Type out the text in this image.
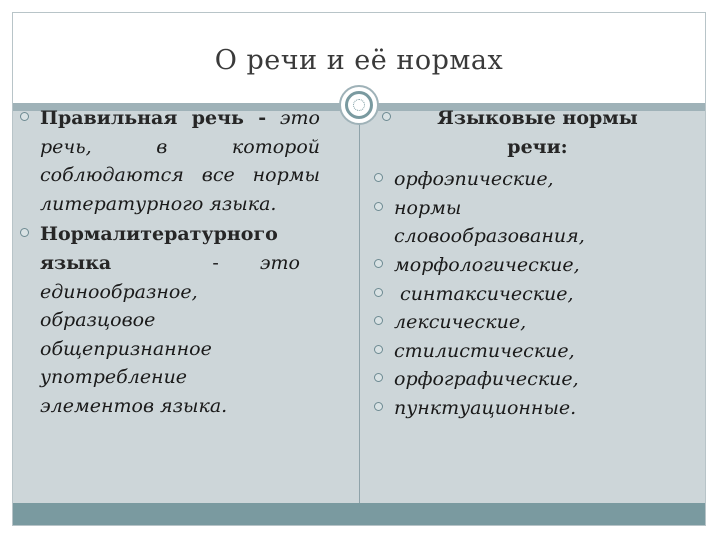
О речи и её нормах
Правильная речь - это речь, в которой соблюдаются все нормы литературного языка.
Нормалитературного языка	- это
единообразное, образцовое общепризнанное употребление элементов языка.
Языковые нормы речи:
орфоэпические,
нормы словообразования,
морфологические,
синтаксические,
лексические,
стилистические,
орфографические,
пунктуационные.
